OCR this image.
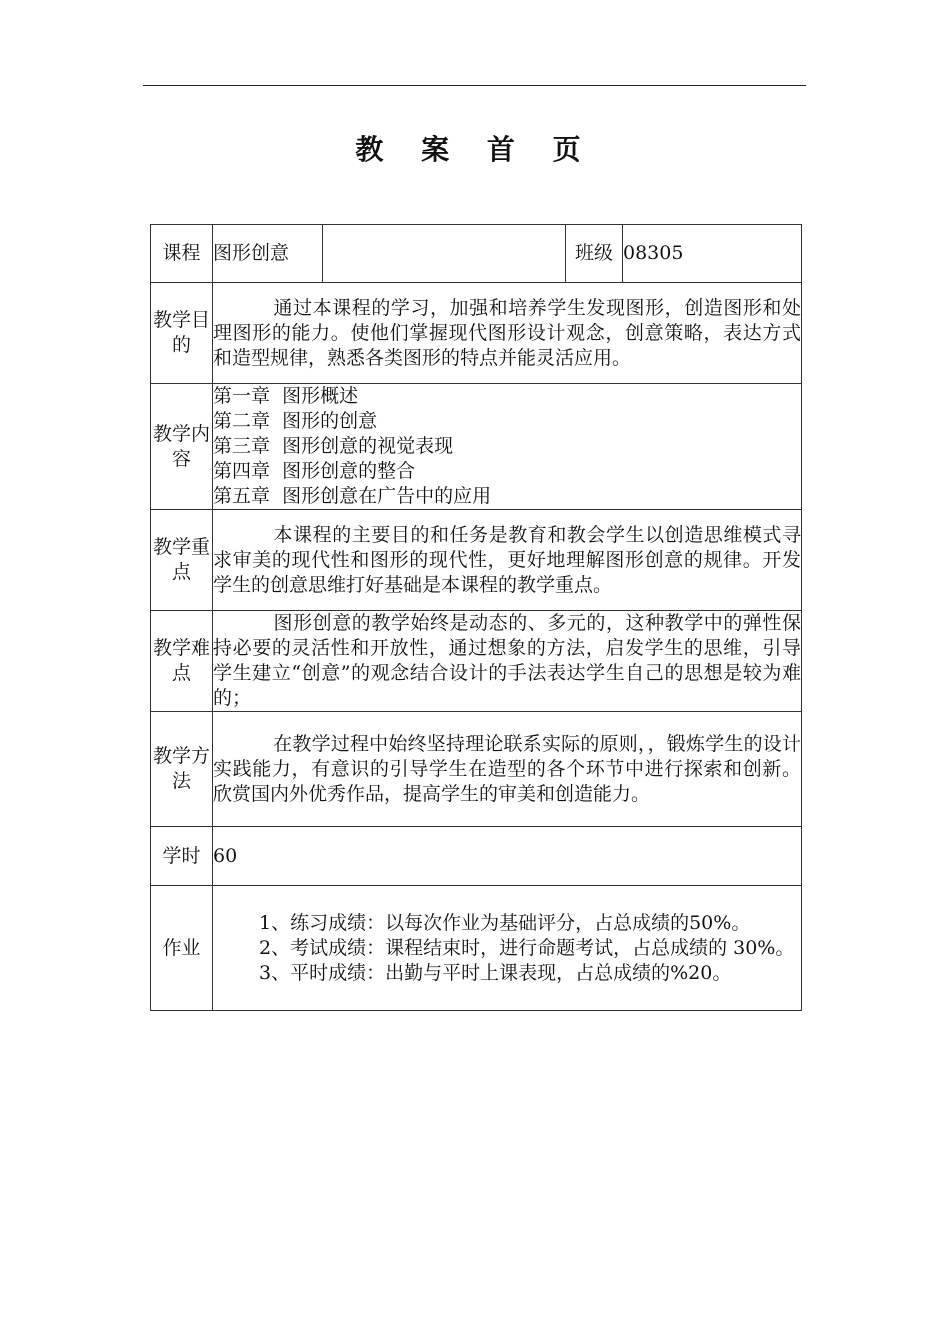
教 案 首 页
课程	图形创意		班级	08305
教学目的	通过本课程的学习，加强和培养学生发现图形，创造图形和处理图形的能力。使他们掌握现代图形设计观念，创意策略，表达方式和造型规律，熟悉各类图形的特点并能灵活应用。			
教学内容	第一章  图形概述
第二章  图形的创意
第三章  图形创意的视觉表现
第四章  图形创意的整合
第五章  图形创意在广告中的应用			

教学重点	本课程的主要目的和任务是教育和教会学生以创造思维模式寻求审美的现代性和图形的现代性，更好地理解图形创意的规律。开发学生的创意思维打好基础是本课程的教学重点。			
教学难点	图形创意的教学始终是动态的、多元的，这种教学中的弹性保持必要的灵活性和开放性，通过想象的方法，启发学生的思维，引导学生建立“创意”的观念结合设计的手法表达学生自己的思想是较为难的；			
教学方法	在教学过程中始终坚持理论联系实际的原则，，锻炼学生的设计实践能力，有意识的引导学生在造型的各个环节中进行探索和创新。欣赏国内外优秀作品，提高学生的审美和创造能力。			
学时	60			
作业	1、练习成绩：以每次作业为基础评分，占总成绩的50%。
2、考试成绩：课程结束时，进行命题考试，占总成绩的 30%。
3、平时成绩：出勤与平时上课表现，占总成绩的%20。			
